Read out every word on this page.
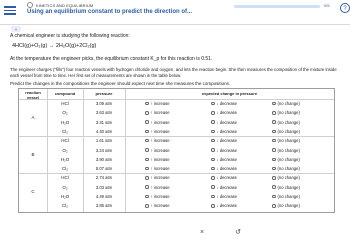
KINETICS AND EQUILIBRIUM
Using an equilibrium constant to predict the direction of...
0/5
?
⌄
A chemical engineer is studying the following reaction:
4HCl(g)+O₂(g) → 2H₂O(g)+2Cl₂(g)
At the temperature the engineer picks, the equilibrium constant K_p for this reaction is 0.51.
The engineer charges ("fills") four reaction vessels with hydrogen chloride and oxygen, and lets the reaction begin. She then measures the composition of the mixture inside each vessel from time to time. Her first set of measurements are shown in the table below.
Predict the changes in the compositions the engineer should expect next time she measures the compositions.
reaction vessel
compound	pressure	expected change in pressure
A
HCl	3.09 atm	↑ increase	↓ decrease	(no change)
O₂	3.63 atm	↑ increase	↓ decrease	(no change)
H₂O	3.31 atm	↑ increase	↓ decrease	(no change)
Cl₂	4.40 atm	↑ increase	↓ decrease	(no change)
B
HCl	1.61 atm	↑ increase	↓ decrease	(no change)
O₂	3.24 atm	↑ increase	↓ decrease	(no change)
H₂O	3.90 atm	↑ increase	↓ decrease	(no change)
Cl₂	5.07 atm	↑ increase	↓ decrease	(no change)
C
HCl	2.74 atm	↑ increase	↓ decrease	(no change)
O₂	3.03 atm	↑ increase	↓ decrease	(no change)
H₂O	4.49 atm	↑ increase	↓ decrease	(no change)
Cl₂	3.85 atm	↑ increase	↓ decrease	(no change)
×	↺
